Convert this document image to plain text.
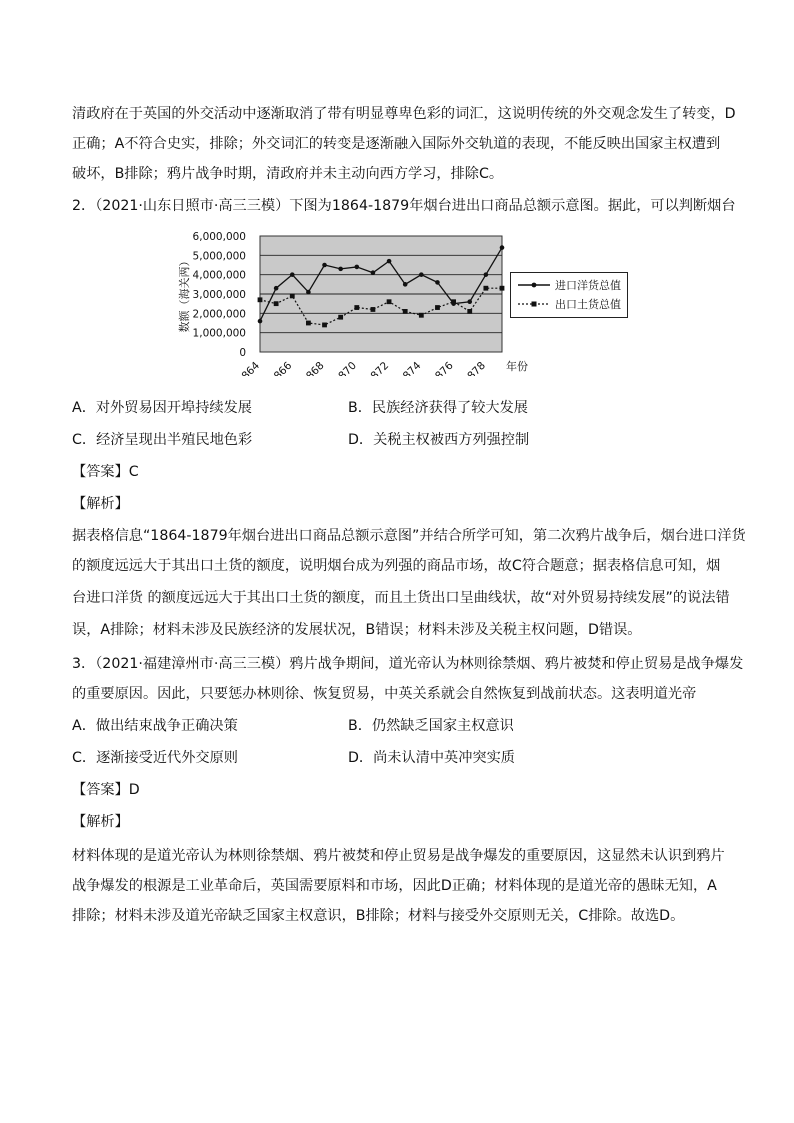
清政府在于英国的外交活动中逐渐取消了带有明显尊卑色彩的词汇，这说明传统的外交观念发生了转变，D
正确；A不符合史实，排除；外交词汇的转变是逐渐融入国际外交轨道的表现，不能反映出国家主权遭到
破坏，B排除；鸦片战争时期，清政府并未主动向西方学习，排除C。
2．（2021·山东日照市·高三三模）下图为1864-1879年烟台进出口商品总额示意图。据此，可以判断烟台
6,000,000
5,000,000
4,000,000
3,000,000
2,000,000
1,000,000
0
数额（海关两）
1864 1866 1868 1870 1872 1874 1876 1878 年份
进口洋货总值
出口土货总值
A．对外贸易因开埠持续发展	B．民族经济获得了较大发展
C．经济呈现出半殖民地色彩	D．关税主权被西方列强控制
【答案】C
【解析】
据表格信息“1864-1879年烟台进出口商品总额示意图”并结合所学可知，第二次鸦片战争后，烟台进口洋货
的额度远远大于其出口土货的额度，说明烟台成为列强的商品市场，故C符合题意；据表格信息可知，烟
台进口洋货 的额度远远大于其出口土货的额度，而且土货出口呈曲线状，故“对外贸易持续发展”的说法错
误，A排除；材料未涉及民族经济的发展状况，B错误；材料未涉及关税主权问题，D错误。
3．（2021·福建漳州市·高三三模）鸦片战争期间，道光帝认为林则徐禁烟、鸦片被焚和停止贸易是战争爆发
的重要原因。因此，只要惩办林则徐、恢复贸易，中英关系就会自然恢复到战前状态。这表明道光帝
A．做出结束战争正确决策	B．仍然缺乏国家主权意识
C．逐渐接受近代外交原则	D．尚未认清中英冲突实质
【答案】D
【解析】
材料体现的是道光帝认为林则徐禁烟、鸦片被焚和停止贸易是战争爆发的重要原因，这显然未认识到鸦片
战争爆发的根源是工业革命后，英国需要原料和市场，因此D正确；材料体现的是道光帝的愚昧无知，A
排除；材料未涉及道光帝缺乏国家主权意识，B排除；材料与接受外交原则无关，C排除。故选D。
